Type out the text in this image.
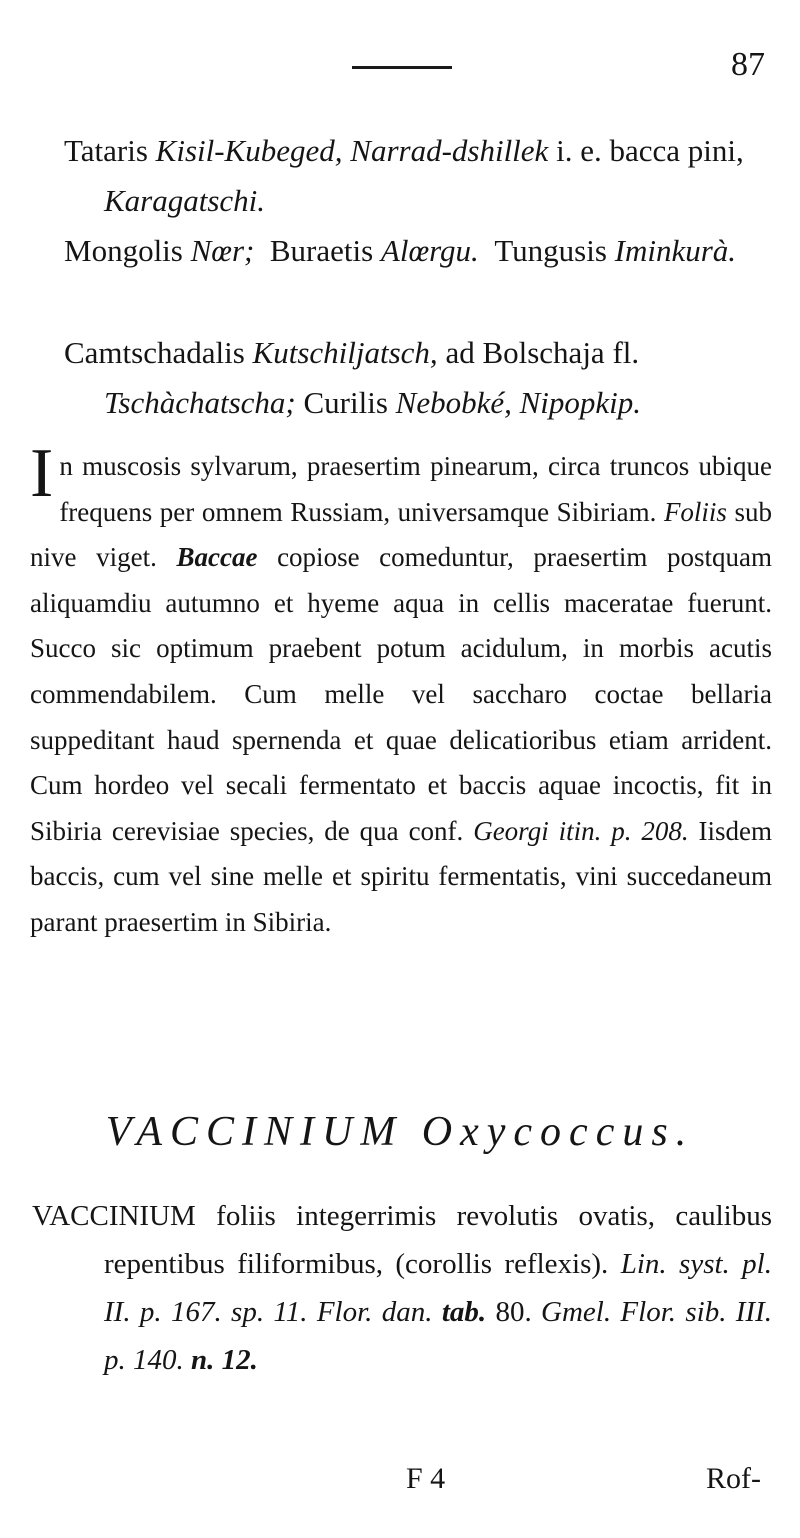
87
Tataris Kisil-Kubeged, Narrad-dshillek i. e. bacca pini, Karagatschi.
Mongolis Nœr; Buraetis Alœrgu. Tungusis Iminkurà.
Camtschadalis Kutschiljatsch, ad Bolschaja fl. Tschàchatscha; Curilis Nebobké, Nipopkip.

I n muscosis sylvarum, praesertim pinearum, circa truncos ubique frequens per omnem Russiam, universamque Sibiriam. Foliis sub nive viget. Baccae copiose comeduntur, praesertim postquam aliquamdiu autumno et hyeme aqua in cellis maceratae fuerunt. Succo sic optimum praebent potum acidulum, in morbis acutis commendabilem. Cum melle vel saccharo coctae bellaria suppeditant haud spernenda et quae delicatioribus etiam arrident. Cum hordeo vel secali fermentato et baccis aquae incoctis, fit in Sibiria cerevisiae species, de qua conf. Georgi itin. p. 208. Iisdem baccis, cum vel sine melle et spiritu fermentatis, vini succedaneum parant praesertim in Sibiria.

VACCINIUM Oxycoccus.

VACCINIUM foliis integerrimis revolutis ovatis, caulibus repentibus filiformibus, (corollis reflexis). Lin. syst. pl. II. p. 167. sp. 11. Flor. dan. tab. 80. Gmel. Flor. sib. III. p. 140. n. 12.

F 4	Rof-
